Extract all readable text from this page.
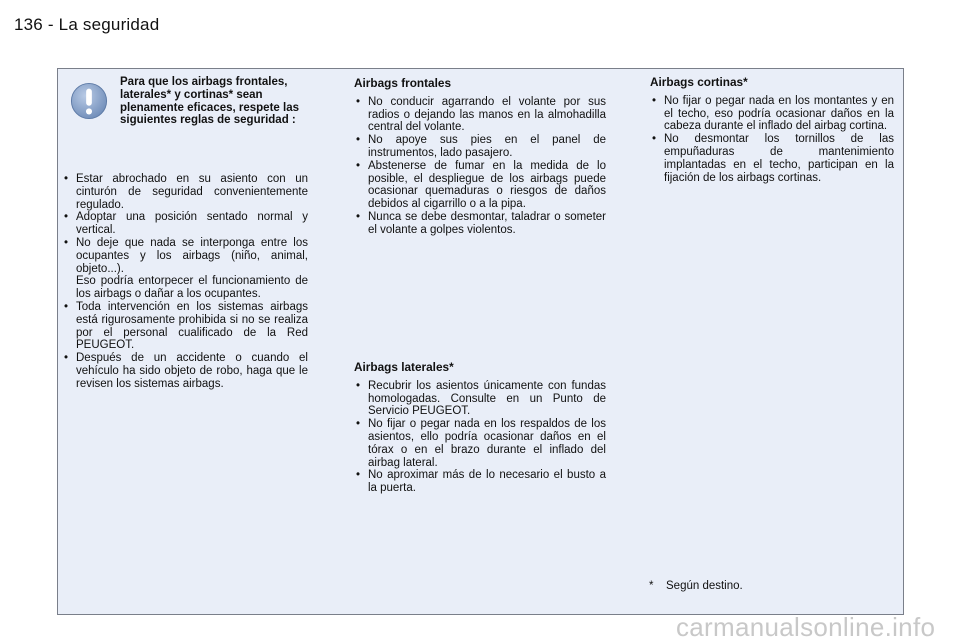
136 - La seguridad
Para que los airbags frontales, laterales* y cortinas* sean plenamente eficaces, respete las siguientes reglas de seguridad :
• Estar abrochado en su asiento con un cinturón de seguridad convenientemente regulado.
• Adoptar una posición sentado normal y vertical.
• No deje que nada se interponga entre los ocupantes y los airbags (niño, animal, objeto...).
Eso podría entorpecer el funcionamiento de los airbags o dañar a los ocupantes.
• Toda intervención en los sistemas airbags está rigurosamente prohibida si no se realiza por el personal cualificado de la Red PEUGEOT.
• Después de un accidente o cuando el vehículo ha sido objeto de robo, haga que le revisen los sistemas airbags.
Airbags frontales
• No conducir agarrando el volante por sus radios o dejando las manos en la almohadilla central del volante.
• No apoye sus pies en el panel de instrumentos, lado pasajero.
• Abstenerse de fumar en la medida de lo posible, el despliegue de los airbags puede ocasionar quemaduras o riesgos de daños debidos al cigarrillo o a la pipa.
• Nunca se debe desmontar, taladrar o someter el volante a golpes violentos.
Airbags laterales*
• Recubrir los asientos únicamente con fundas homologadas. Consulte en un Punto de Servicio PEUGEOT.
• No fijar o pegar nada en los respaldos de los asientos, ello podría ocasionar daños en el tórax o en el brazo durante el inflado del airbag lateral.
• No aproximar más de lo necesario el busto a la puerta.
Airbags cortinas*
• No fijar o pegar nada en los montantes y en el techo, eso podría ocasionar daños en la cabeza durante el inflado del airbag cortina.
• No desmontar los tornillos de las empuñaduras de mantenimiento implantadas en el techo, participan en la fijación de los airbags cortinas.
* Según destino.
carmanualsonline.info
